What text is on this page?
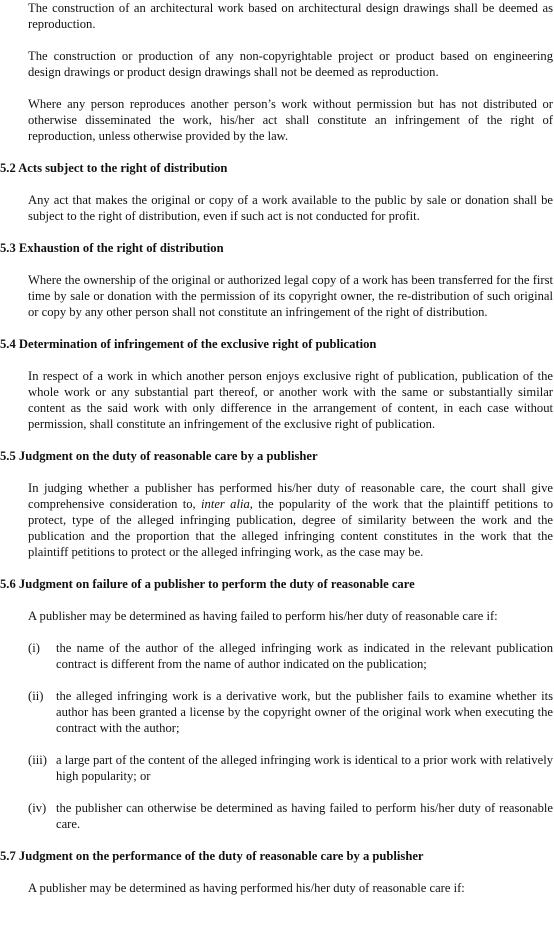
The construction of an architectural work based on architectural design drawings shall be deemed as reproduction.

The construction or production of any non-copyrightable project or product based on engineering design drawings or product design drawings shall not be deemed as reproduction.

Where any person reproduces another person’s work without permission but has not distributed or otherwise disseminated the work, his/her act shall constitute an infringement of the right of reproduction, unless otherwise provided by the law.

5.2 Acts subject to the right of distribution

Any act that makes the original or copy of a work available to the public by sale or donation shall be subject to the right of distribution, even if such act is not conducted for profit.

5.3 Exhaustion of the right of distribution

Where the ownership of the original or authorized legal copy of a work has been transferred for the first time by sale or donation with the permission of its copyright owner, the re-distribution of such original or copy by any other person shall not constitute an infringement of the right of distribution.

5.4 Determination of infringement of the exclusive right of publication

In respect of a work in which another person enjoys exclusive right of publication, publication of the whole work or any substantial part thereof, or another work with the same or substantially similar content as the said work with only difference in the arrangement of content, in each case without permission, shall constitute an infringement of the exclusive right of publication.

5.5 Judgment on the duty of reasonable care by a publisher

In judging whether a publisher has performed his/her duty of reasonable care, the court shall give comprehensive consideration to, inter alia, the popularity of the work that the plaintiff petitions to protect, type of the alleged infringing publication, degree of similarity between the work and the publication and the proportion that the alleged infringing content constitutes in the work that the plaintiff petitions to protect or the alleged infringing work, as the case may be.

5.6 Judgment on failure of a publisher to perform the duty of reasonable care

A publisher may be determined as having failed to perform his/her duty of reasonable care if:

(i)	the name of the author of the alleged infringing work as indicated in the relevant publication contract is different from the name of author indicated on the publication;
(ii)	the alleged infringing work is a derivative work, but the publisher fails to examine whether its author has been granted a license by the copyright owner of the original work when executing the contract with the author;
(iii) a large part of the content of the alleged infringing work is identical to a prior work with relatively high popularity; or
(iv) the publisher can otherwise be determined as having failed to perform his/her duty of reasonable care.
5.7 Judgment on the performance of the duty of reasonable care by a publisher

A publisher may be determined as having performed his/her duty of reasonable care if:
